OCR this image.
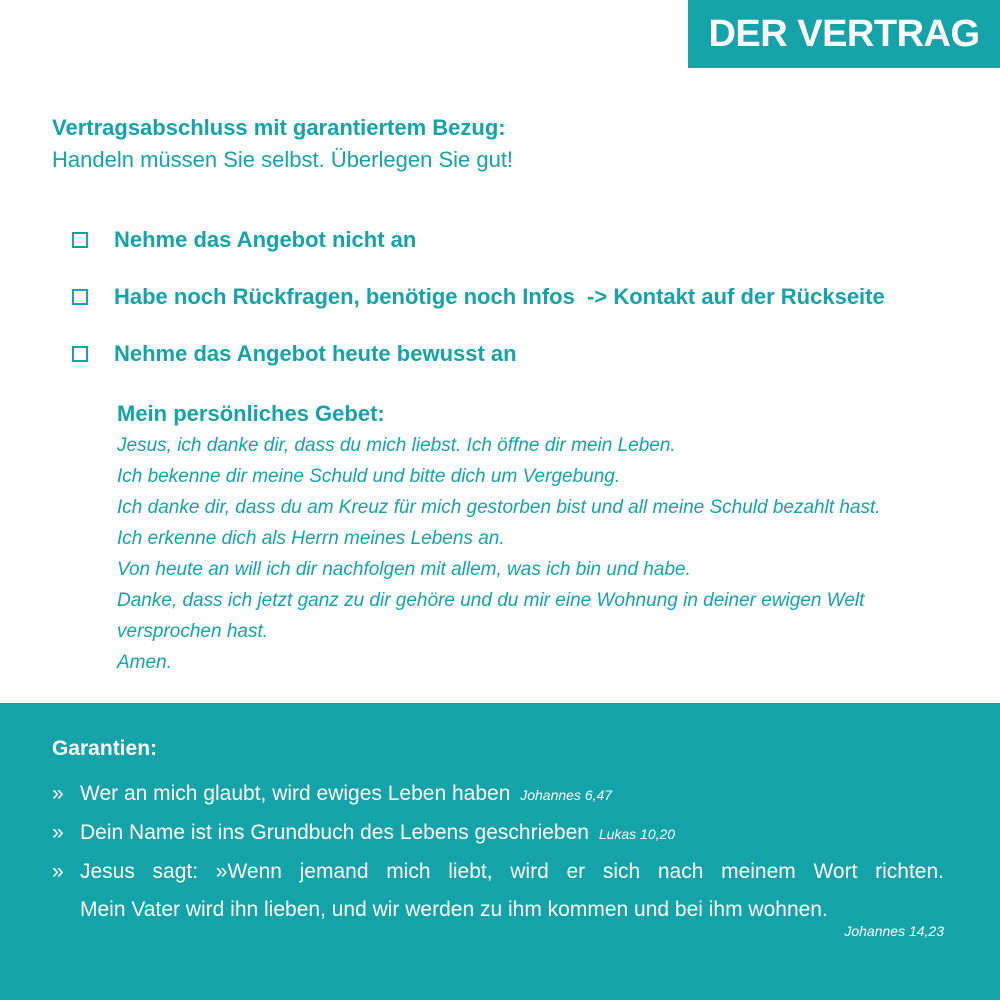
DER VERTRAG
Vertragsabschluss mit garantiertem Bezug:
Handeln müssen Sie selbst. Überlegen Sie gut!
Nehme das Angebot nicht an
Habe noch Rückfragen, benötige noch Infos  -> Kontakt auf der Rückseite
Nehme das Angebot heute bewusst an
Mein persönliches Gebet:
Jesus, ich danke dir, dass du mich liebst. Ich öffne dir mein Leben.
Ich bekenne dir meine Schuld und bitte dich um Vergebung.
Ich danke dir, dass du am Kreuz für mich gestorben bist und all meine Schuld bezahlt hast.
Ich erkenne dich als Herrn meines Lebens an.
Von heute an will ich dir nachfolgen mit allem, was ich bin und habe.
Danke, dass ich jetzt ganz zu dir gehöre und du mir eine Wohnung in deiner ewigen Welt
versprochen hast.
Amen.
Garantien:
» Wer an mich glaubt, wird ewiges Leben haben Johannes 6,47
» Dein Name ist ins Grundbuch des Lebens geschrieben Lukas 10,20
» Jesus sagt: »Wenn jemand mich liebt, wird er sich nach meinem Wort richten.
Mein Vater wird ihn lieben, und wir werden zu ihm kommen und bei ihm wohnen.
Johannes 14,23
